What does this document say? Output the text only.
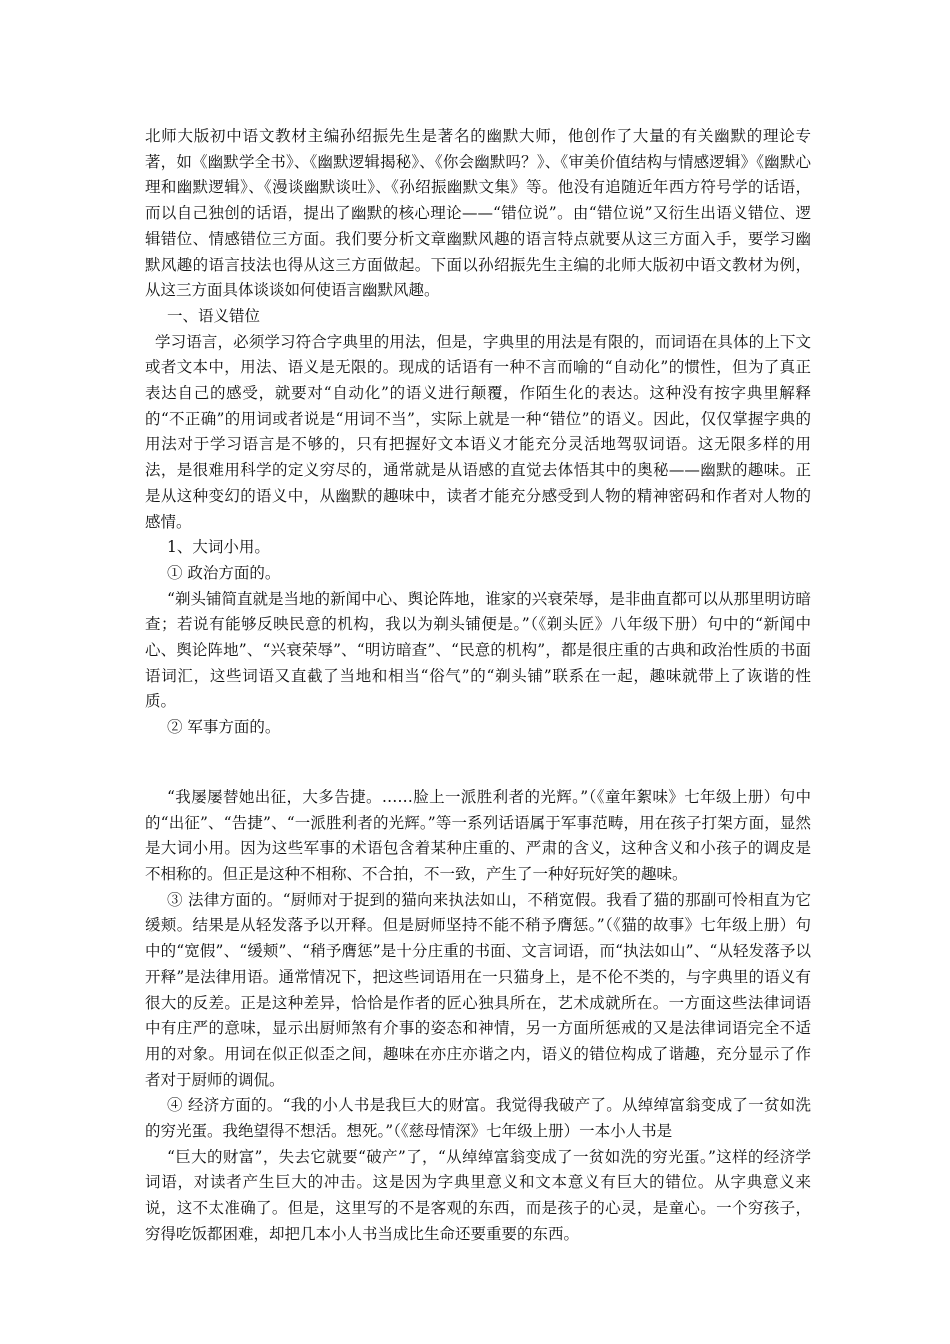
北师大版初中语文教材主编孙绍振先生是著名的幽默大师，他创作了大量的有关幽默的理论专著，如《幽默学全书》、《幽默逻辑揭秘》、《你会幽默吗？》、《审美价值结构与情感逻辑》《幽默心理和幽默逻辑》、《漫谈幽默谈吐》、《孙绍振幽默文集》等。他没有追随近年西方符号学的话语，而以自己独创的话语，提出了幽默的核心理论——“错位说”。由“错位说”又衍生出语义错位、逻辑错位、情感错位三方面。我们要分析文章幽默风趣的语言特点就要从这三方面入手，要学习幽默风趣的语言技法也得从这三方面做起。下面以孙绍振先生主编的北师大版初中语文教材为例，从这三方面具体谈谈如何使语言幽默风趣。

一、语义错位

学习语言，必须学习符合字典里的用法，但是，字典里的用法是有限的，而词语在具体的上下文或者文本中，用法、语义是无限的。现成的话语有一种不言而喻的“自动化”的惯性，但为了真正表达自己的感受，就要对“自动化”的语义进行颠覆，作陌生化的表达。这种没有按字典里解释的“不正确”的用词或者说是“用词不当”，实际上就是一种“错位”的语义。因此，仅仅掌握字典的用法对于学习语言是不够的，只有把握好文本语义才能充分灵活地驾驭词语。这无限多样的用法，是很难用科学的定义穷尽的，通常就是从语感的直觉去体悟其中的奥秘——幽默的趣味。正是从这种变幻的语义中，从幽默的趣味中，读者才能充分感受到人物的精神密码和作者对人物的感情。

1、大词小用。

① 政治方面的。

“剃头铺简直就是当地的新闻中心、舆论阵地，谁家的兴衰荣辱，是非曲直都可以从那里明访暗查；若说有能够反映民意的机构，我以为剃头铺便是。”（《剃头匠》八年级下册）句中的“新闻中心、舆论阵地”、“兴衰荣辱”、“明访暗查”、“民意的机构”，都是很庄重的古典和政治性质的书面语词汇，这些词语又直截了当地和相当“俗气”的“剃头铺”联系在一起，趣味就带上了诙谐的性质。

② 军事方面的。

“我屡屡替她出征，大多告捷。……脸上一派胜利者的光辉。”（《童年絮味》七年级上册）句中的“出征”、“告捷”、“一派胜利者的光辉。”等一系列话语属于军事范畴，用在孩子打架方面，显然是大词小用。因为这些军事的术语包含着某种庄重的、严肃的含义，这种含义和小孩子的调皮是不相称的。但正是这种不相称、不合拍，不一致，产生了一种好玩好笑的趣味。

③ 法律方面的。“厨师对于捉到的猫向来执法如山，不稍宽假。我看了猫的那副可怜相直为它缓颊。结果是从轻发落予以开释。但是厨师坚持不能不稍予膺惩。”（《猫的故事》七年级上册）句中的“宽假”、“缓颊”、“稍予膺惩”是十分庄重的书面、文言词语，而“执法如山”、“从轻发落予以开释”是法律用语。通常情况下，把这些词语用在一只猫身上，是不伦不类的，与字典里的语义有很大的反差。正是这种差异，恰恰是作者的匠心独具所在，艺术成就所在。一方面这些法律词语中有庄严的意味，显示出厨师煞有介事的姿态和神情，另一方面所惩戒的又是法律词语完全不适用的对象。用词在似正似歪之间，趣味在亦庄亦谐之内，语义的错位构成了谐趣，充分显示了作者对于厨师的调侃。

④ 经济方面的。“我的小人书是我巨大的财富。我觉得我破产了。从绰绰富翁变成了一贫如洗的穷光蛋。我绝望得不想活。想死。”（《慈母情深》七年级上册）一本小人书是

“巨大的财富”，失去它就要“破产”了，“从绰绰富翁变成了一贫如洗的穷光蛋。”这样的经济学词语，对读者产生巨大的冲击。这是因为字典里意义和文本意义有巨大的错位。从字典意义来说，这不太准确了。但是，这里写的不是客观的东西，而是孩子的心灵，是童心。一个穷孩子，穷得吃饭都困难，却把几本小人书当成比生命还要重要的东西。
